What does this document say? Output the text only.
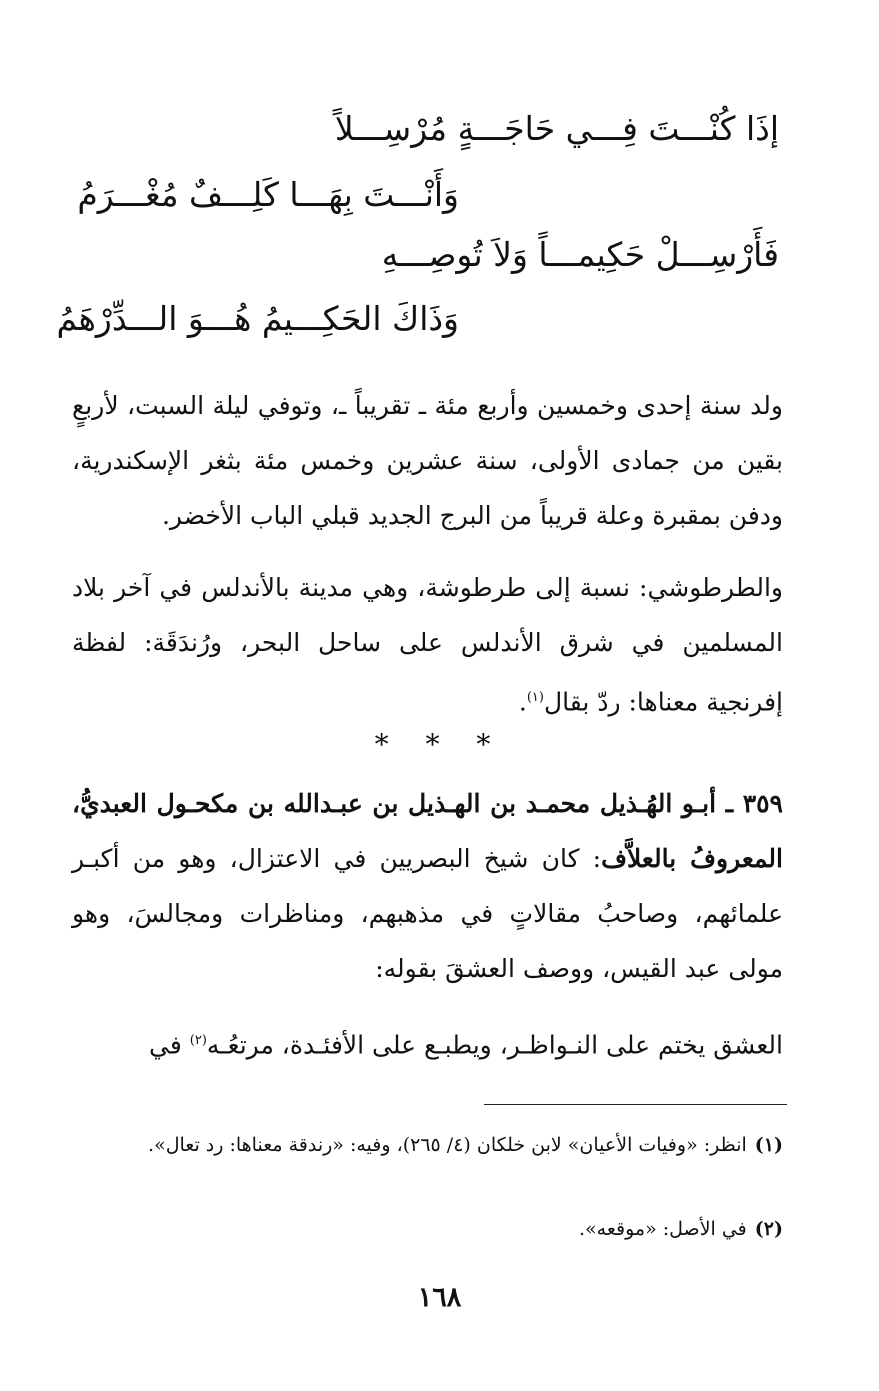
إذَا كُنْـــتَ فِـــي حَاجَـــةٍ مُرْسِـــلاً
وَأَنْـــتَ بِهَـــا كَلِـــفٌ مُغْـــرَمُ
فَأَرْسِـــلْ حَكِيمـــاً وَلاَ تُوصِـــهِ
وَذَاكَ الحَكِـــيمُ هُـــوَ الـــدِّرْهَمُ
ولد سنة إحدى وخمسين وأربع مئة ـ تقريباً ـ، وتوفي ليلة السبت، لأربعٍ بقين من جمادى الأولى، سنة عشرين وخمس مئة بثغر الإسكندرية، ودفن بمقبرة وعلة قريباً من البرج الجديد قبلي الباب الأخضر.
والطرطوشي: نسبة إلى طرطوشة، وهي مدينة بالأندلس في آخر بلاد المسلمين في شرق الأندلس على ساحل البحر، ورُندَقَة: لفظة إفرنجية معناها: ردّ بقال$^{(١)}$.
* * *
٣٥٩ ـ أبـو الهُـذيل محمـد بن الهـذيل بن عبـدالله بن مكحـول العبديُّ، المعروفُ بالعلاَّف: كان شيخ البصريين في الاعتزال، وهو من أكبـر علمائهم، وصاحبُ مقالاتٍ في مذهبهم، ومناظرات ومجالسَ، وهو مولى عبد القيس، ووصف العشقَ بقوله:
العشق يختم على النـواظـر، ويطبـع على الأفئـدة، مرتعُـه$^{(٢)}$ في
(١)انظر: «وفيات الأعيان» لابن خلكان (٤/ ٢٦٥)، وفيه: «رندقة معناها: رد تعال».
(٢)في الأصل: «موقعه».
١٦٨
